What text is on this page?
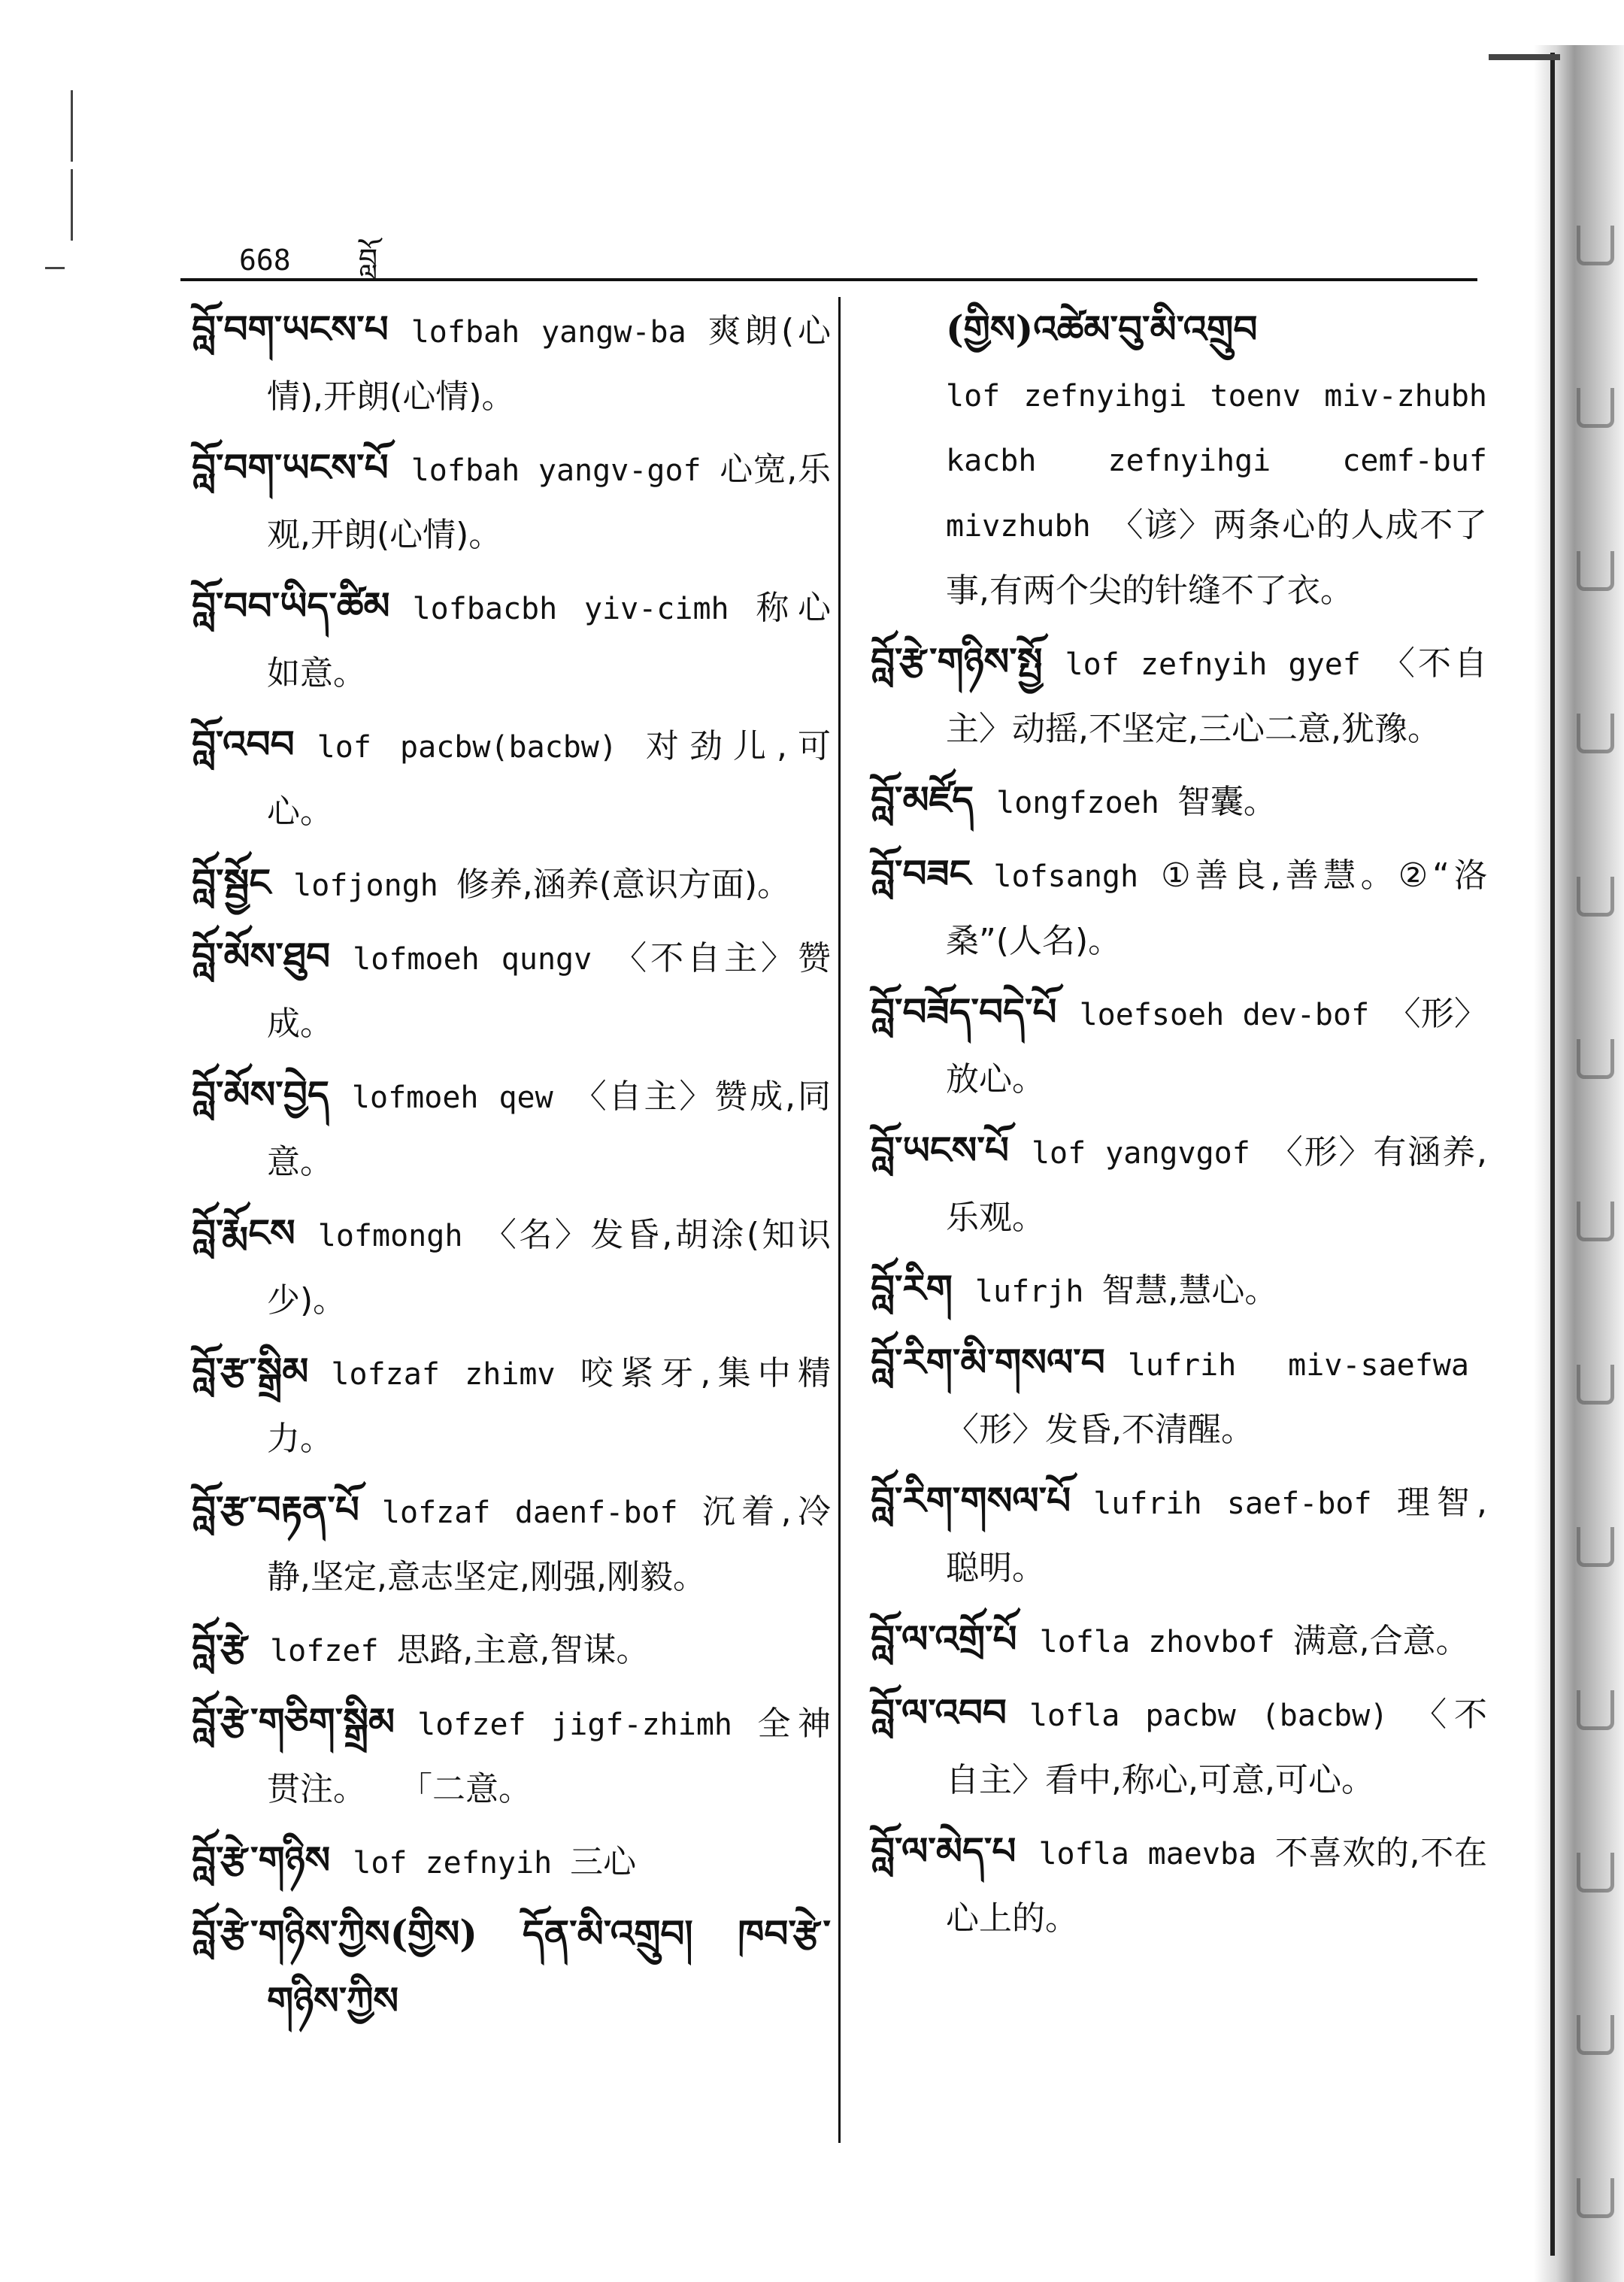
668 བློ

བློ་བག་ཡངས་པ lofbah yangw-ba 爽朗(心情),开朗(心情)。

བློ་བག་ཡངས་པོ lofbah yangv-gof 心宽,乐观,开朗(心情)。

བློ་བབ་ཡིད་ཚིམ lofbacbh yiv-cimh 称心如意。

བློ་འབབ lof pacbw(bacbw) 对劲儿,可心。

བློ་སྦྱོང lofjongh 修养,涵养(意识方面)。

བློ་མོས་ཐུབ lofmoeh qungv 〈不自主〉赞成。

བློ་མོས་བྱེད lofmoeh qew 〈自主〉赞成,同意。

བློ་རྨོངས lofmongh 〈名〉发昏,胡涂(知识少)。

བློ་རྩ་སྒྲིམ lofzaf zhimv 咬紧牙,集中精力。

བློ་རྩ་བརྟན་པོ lofzaf daenf-bof 沉着,冷静,坚定,意志坚定,刚强,刚毅。

བློ་རྩེ lofzef 思路,主意,智谋。

བློ་རྩེ་གཅིག་སྒྲིམ lofzef jigf-zhimh 全神贯注。　　「二意。

བློ་རྩེ་གཉིས lof zefnyih 三心

བློ་རྩེ་གཉིས་ཀྱིས(གྱིས) དོན་མི་འགྲུབ། ཁབ་རྩེ་གཉིས་ཀྱིས

(གྱིས)འཚེམ་བུ་མི་འགྲུབ
lof zefnyihgi toenv miv-zhubh kacbh zefnyihgi cemf-buf mivzhubh 〈谚〉两条心的人成不了事,有两个尖的针缝不了衣。

བློ་རྩེ་གཉིས་སྤྱོ lof zefnyih gyef 〈不自主〉动摇,不坚定,三心二意,犹豫。

བློ་མཛོད longfzoeh 智囊。

བློ་བཟང lofsangh ①善良,善慧。②“洛桑”(人名)。

བློ་བཟོད་བདེ་པོ loefsoeh dev-bof 〈形〉放心。

བློ་ཡངས་པོ lof yangvgof 〈形〉有涵养,乐观。

བློ་རིག lufrjh 智慧,慧心。

བློ་རིག་མི་གསལ་བ lufrih miv-saefwa〈形〉发昏,不清醒。

བློ་རིག་གསལ་པོ lufrih saef-bof 理智,聪明。

བློ་ལ་འགྲོ་པོ lofla zhovbof 满意,合意。

བློ་ལ་འབབ lofla pacbw (bacbw) 〈不自主〉看中,称心,可意,可心。

བློ་ལ་མེད་པ lofla maevba 不喜欢的,不在心上的。
